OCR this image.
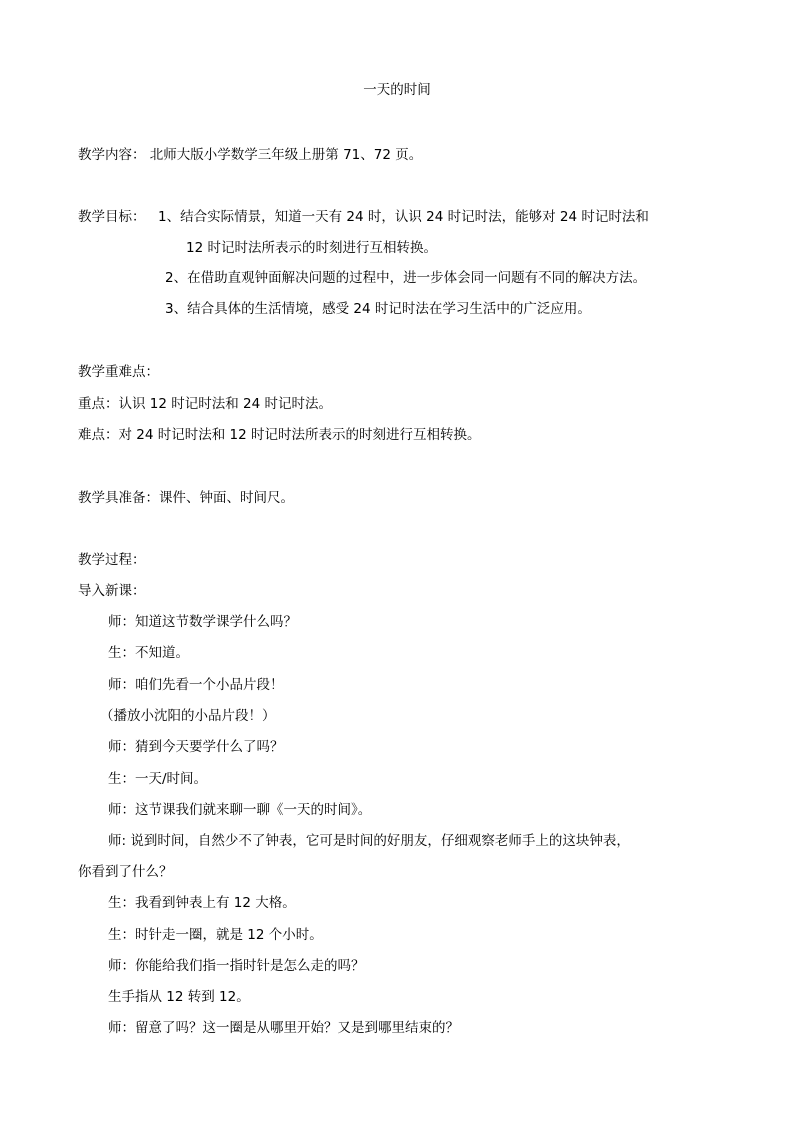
一天的时间
教学内容： 北师大版小学数学三年级上册第 71、72 页。
教学目标： 1、结合实际情景，知道一天有 24 时，认识 24 时记时法，能够对 24 时记时法和
12 时记时法所表示的时刻进行互相转换。
2、在借助直观钟面解决问题的过程中，进一步体会同一问题有不同的解决方法。
3、结合具体的生活情境，感受 24 时记时法在学习生活中的广泛应用。
教学重难点：
重点：认识 12 时记时法和 24 时记时法。
难点：对 24 时记时法和 12 时记时法所表示的时刻进行互相转换。
教学具准备：课件、钟面、时间尺。
教学过程：
导入新课：
师：知道这节数学课学什么吗？
生：不知道。
师：咱们先看一个小品片段！
（播放小沈阳的小品片段！）
师：猜到今天要学什么了吗？
生：一天/时间。
师：这节课我们就来聊一聊《一天的时间》。
师: 说到时间，自然少不了钟表，它可是时间的好朋友，仔细观察老师手上的这块钟表，
你看到了什么？
生：我看到钟表上有 12 大格。
生：时针走一圈，就是 12 个小时。
师：你能给我们指一指时针是怎么走的吗？
生手指从 12 转到 12。
师：留意了吗？这一圈是从哪里开始？又是到哪里结束的？
